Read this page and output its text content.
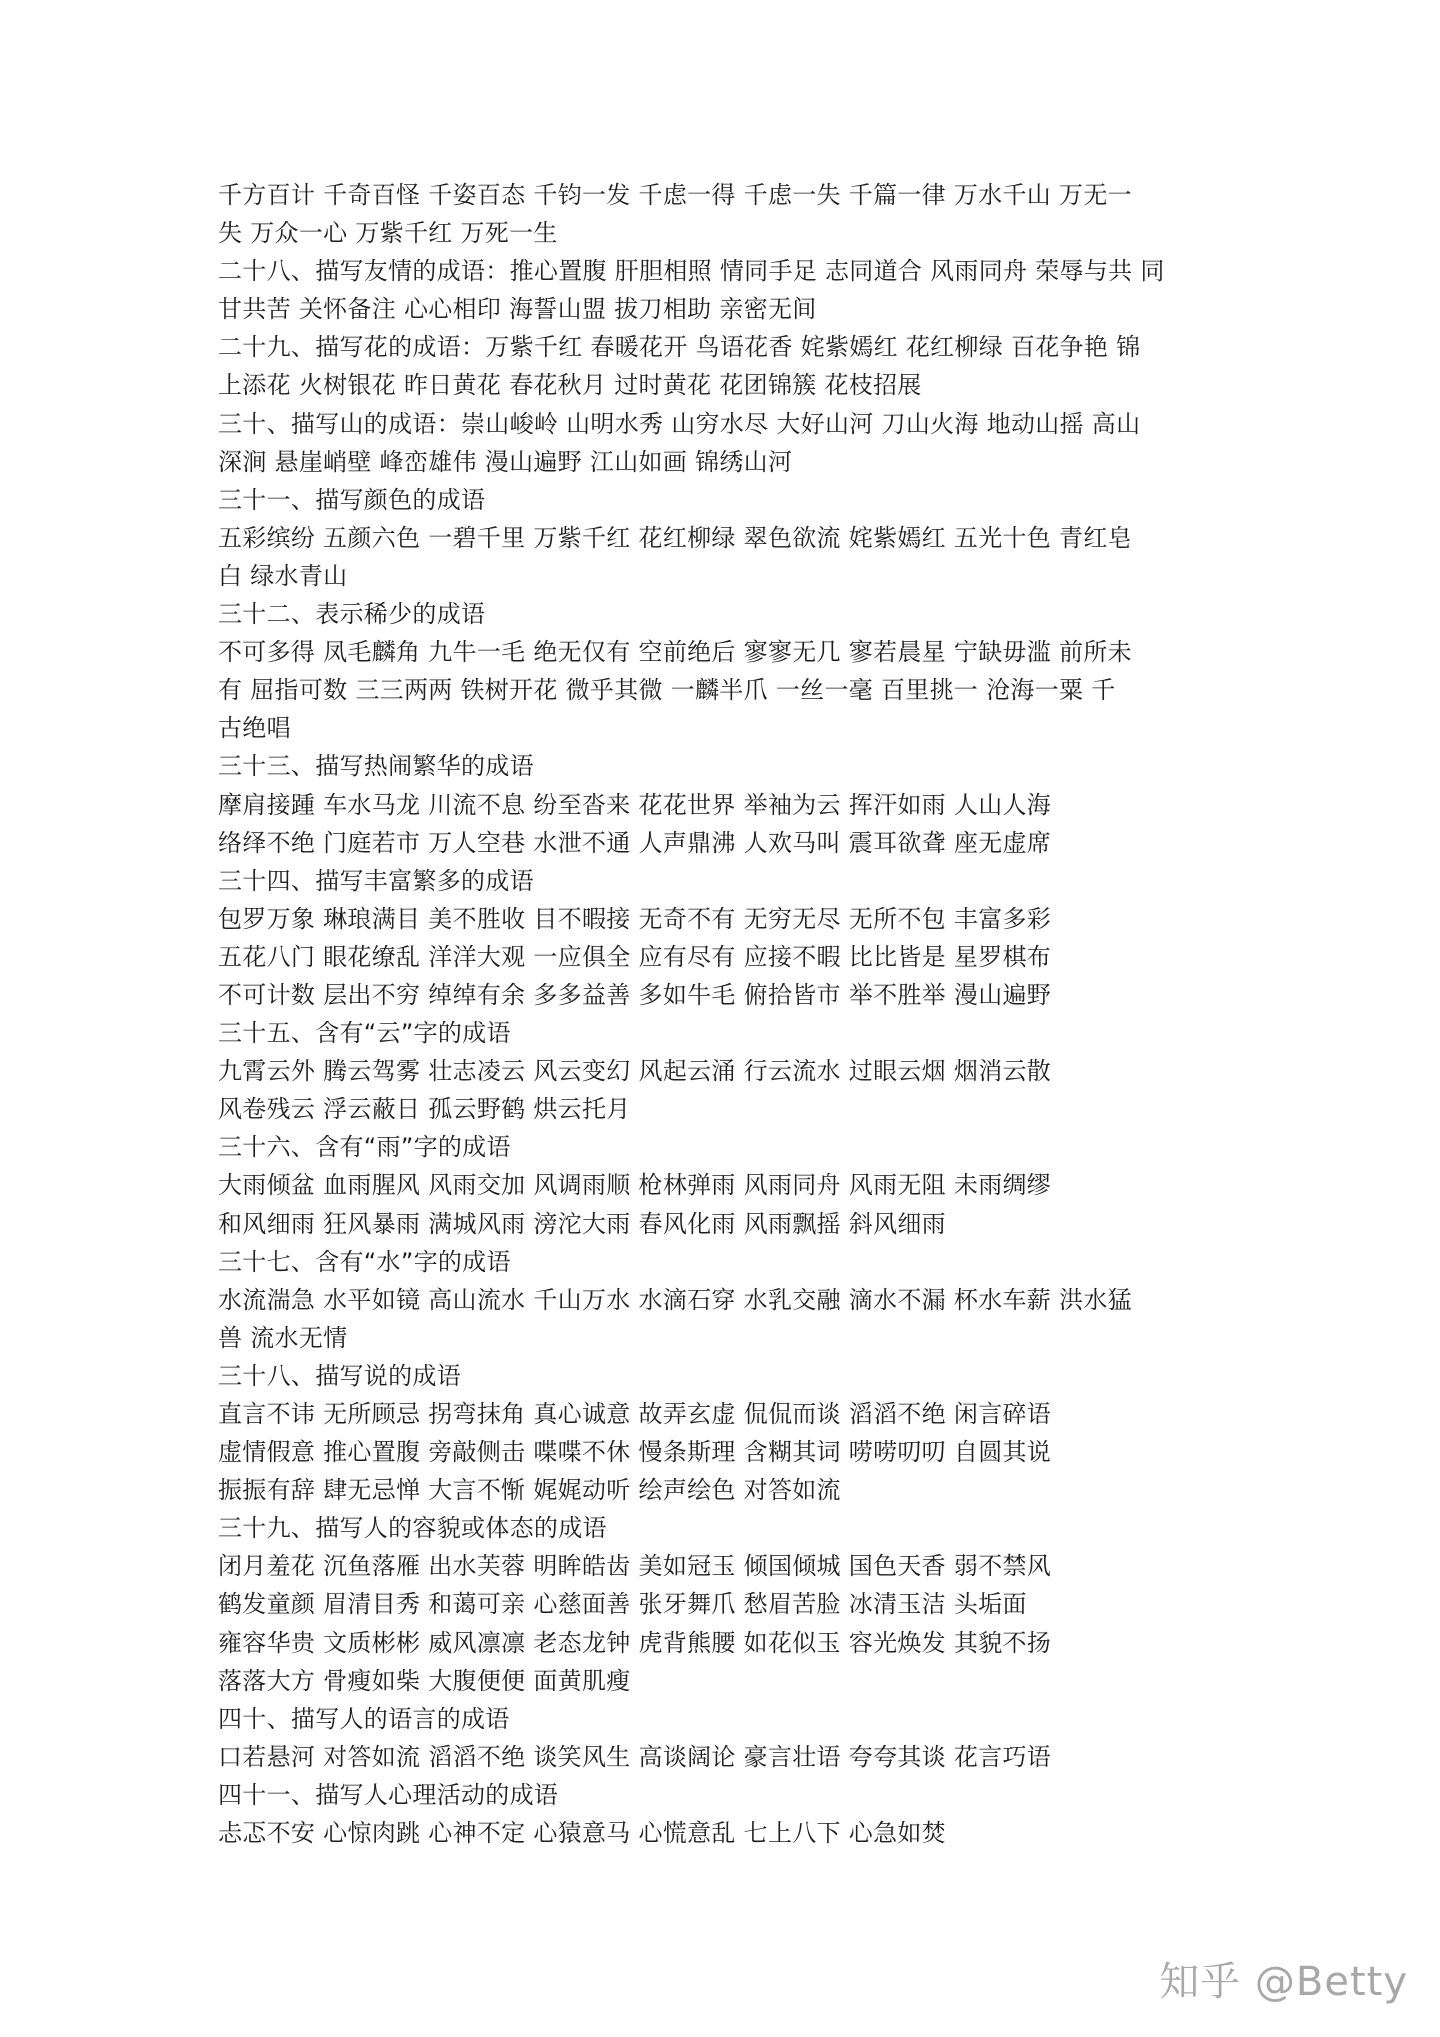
千方百计 千奇百怪 千姿百态 千钧一发 千虑一得 千虑一失 千篇一律 万水千山 万无一
失 万众一心 万紫千红 万死一生
二十八、描写友情的成语：推心置腹 肝胆相照 情同手足 志同道合 风雨同舟 荣辱与共 同
甘共苦 关怀备注 心心相印 海誓山盟 拔刀相助 亲密无间
二十九、描写花的成语：万紫千红 春暖花开 鸟语花香 姹紫嫣红 花红柳绿 百花争艳 锦
上添花 火树银花 昨日黄花 春花秋月 过时黄花 花团锦簇 花枝招展
三十、描写山的成语：崇山峻岭 山明水秀 山穷水尽 大好山河 刀山火海 地动山摇 高山
深涧 悬崖峭壁 峰峦雄伟 漫山遍野 江山如画 锦绣山河
三十一、描写颜色的成语
五彩缤纷 五颜六色 一碧千里 万紫千红 花红柳绿 翠色欲流 姹紫嫣红 五光十色 青红皂
白 绿水青山
三十二、表示稀少的成语
不可多得 凤毛麟角 九牛一毛 绝无仅有 空前绝后 寥寥无几 寥若晨星 宁缺毋滥 前所未
有 屈指可数 三三两两 铁树开花 微乎其微 一麟半爪 一丝一毫 百里挑一 沧海一粟 千
古绝唱
三十三、描写热闹繁华的成语
摩肩接踵 车水马龙 川流不息 纷至沓来 花花世界 举袖为云 挥汗如雨 人山人海
络绎不绝 门庭若市 万人空巷 水泄不通 人声鼎沸 人欢马叫 震耳欲聋 座无虚席
三十四、描写丰富繁多的成语
包罗万象 琳琅满目 美不胜收 目不暇接 无奇不有 无穷无尽 无所不包 丰富多彩
五花八门 眼花缭乱 洋洋大观 一应俱全 应有尽有 应接不暇 比比皆是 星罗棋布
不可计数 层出不穷 绰绰有余 多多益善 多如牛毛 俯拾皆市 举不胜举 漫山遍野
三十五、含有“云”字的成语
九霄云外 腾云驾雾 壮志凌云 风云变幻 风起云涌 行云流水 过眼云烟 烟消云散
风卷残云 浮云蔽日 孤云野鹤 烘云托月
三十六、含有“雨”字的成语
大雨倾盆 血雨腥风 风雨交加 风调雨顺 枪林弹雨 风雨同舟 风雨无阻 未雨绸缪
和风细雨 狂风暴雨 满城风雨 滂沱大雨 春风化雨 风雨飘摇 斜风细雨
三十七、含有“水”字的成语
水流湍急 水平如镜 高山流水 千山万水 水滴石穿 水乳交融 滴水不漏 杯水车薪 洪水猛
兽 流水无情
三十八、描写说的成语
直言不讳 无所顾忌 拐弯抹角 真心诚意 故弄玄虚 侃侃而谈 滔滔不绝 闲言碎语
虚情假意 推心置腹 旁敲侧击 喋喋不休 慢条斯理 含糊其词 唠唠叨叨 自圆其说
振振有辞 肆无忌惮 大言不惭 娓娓动听 绘声绘色 对答如流
三十九、描写人的容貌或体态的成语
闭月羞花 沉鱼落雁 出水芙蓉 明眸皓齿 美如冠玉 倾国倾城 国色天香 弱不禁风
鹤发童颜 眉清目秀 和蔼可亲 心慈面善 张牙舞爪 愁眉苦脸 冰清玉洁 头垢面
雍容华贵 文质彬彬 威风凛凛 老态龙钟 虎背熊腰 如花似玉 容光焕发 其貌不扬
落落大方 骨瘦如柴 大腹便便 面黄肌瘦
四十、描写人的语言的成语
口若悬河 对答如流 滔滔不绝 谈笑风生 高谈阔论 豪言壮语 夸夸其谈 花言巧语
四十一、描写人心理活动的成语
忐忑不安 心惊肉跳 心神不定 心猿意马 心慌意乱 七上八下 心急如焚
知乎 @Betty
